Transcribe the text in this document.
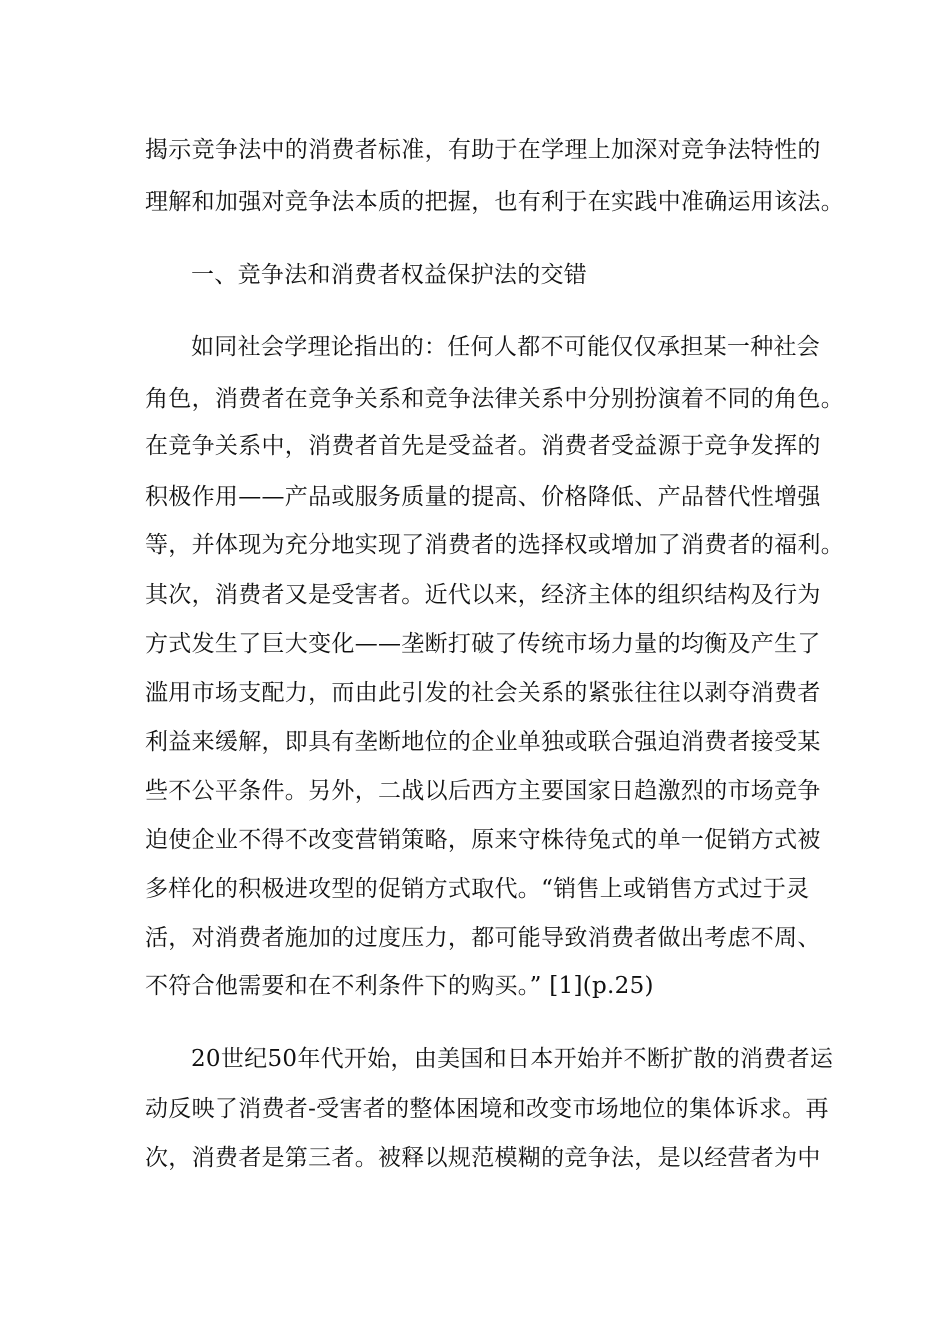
揭示竞争法中的消费者标准，有助于在学理上加深对竞争法特性的
理解和加强对竞争法本质的把握，也有利于在实践中准确运用该法。
一、竞争法和消费者权益保护法的交错
如同社会学理论指出的：任何人都不可能仅仅承担某一种社会
角色，消费者在竞争关系和竞争法律关系中分别扮演着不同的角色。
在竞争关系中，消费者首先是受益者。消费者受益源于竞争发挥的
积极作用——产品或服务质量的提高、价格降低、产品替代性增强
等，并体现为充分地实现了消费者的选择权或增加了消费者的福利。
其次，消费者又是受害者。近代以来，经济主体的组织结构及行为
方式发生了巨大变化——垄断打破了传统市场力量的均衡及产生了
滥用市场支配力，而由此引发的社会关系的紧张往往以剥夺消费者
利益来缓解，即具有垄断地位的企业单独或联合强迫消费者接受某
些不公平条件。另外，二战以后西方主要国家日趋激烈的市场竞争
迫使企业不得不改变营销策略，原来守株待兔式的单一促销方式被
多样化的积极进攻型的促销方式取代。“销售上或销售方式过于灵
活，对消费者施加的过度压力，都可能导致消费者做出考虑不周、
不符合他需要和在不利条件下的购买。” [1](p.25)
20世纪50年代开始，由美国和日本开始并不断扩散的消费者运
动反映了消费者-受害者的整体困境和改变市场地位的集体诉求。再
次，消费者是第三者。被释以规范模糊的竞争法，是以经营者为中
